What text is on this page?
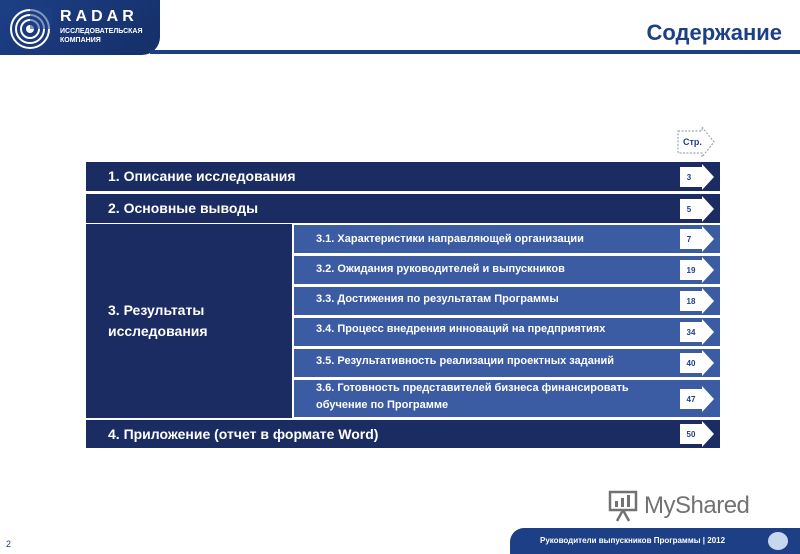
RADAR
ИССЛЕДОВАТЕЛЬСКАЯ
КОМПАНИЯ	Содержание
Стр.
1. Описание исследования
2. Основные выводы
3. Результаты
исследования
3.1. Характеристики направляющей организации
3.2. Ожидания руководителей и выпускников
3.3. Достижения по результатам Программы
3.4. Процесс внедрения инноваций на предприятиях
3.5. Результативность реализации проектных заданий
3.6. Готовность представителей бизнеса финансировать
обучение по Программе
4. Приложение (отчет в формате Word)
3
5
7
19
18
34
40
47
50
MyShared
2	Руководители выпускников Программы | 2012
